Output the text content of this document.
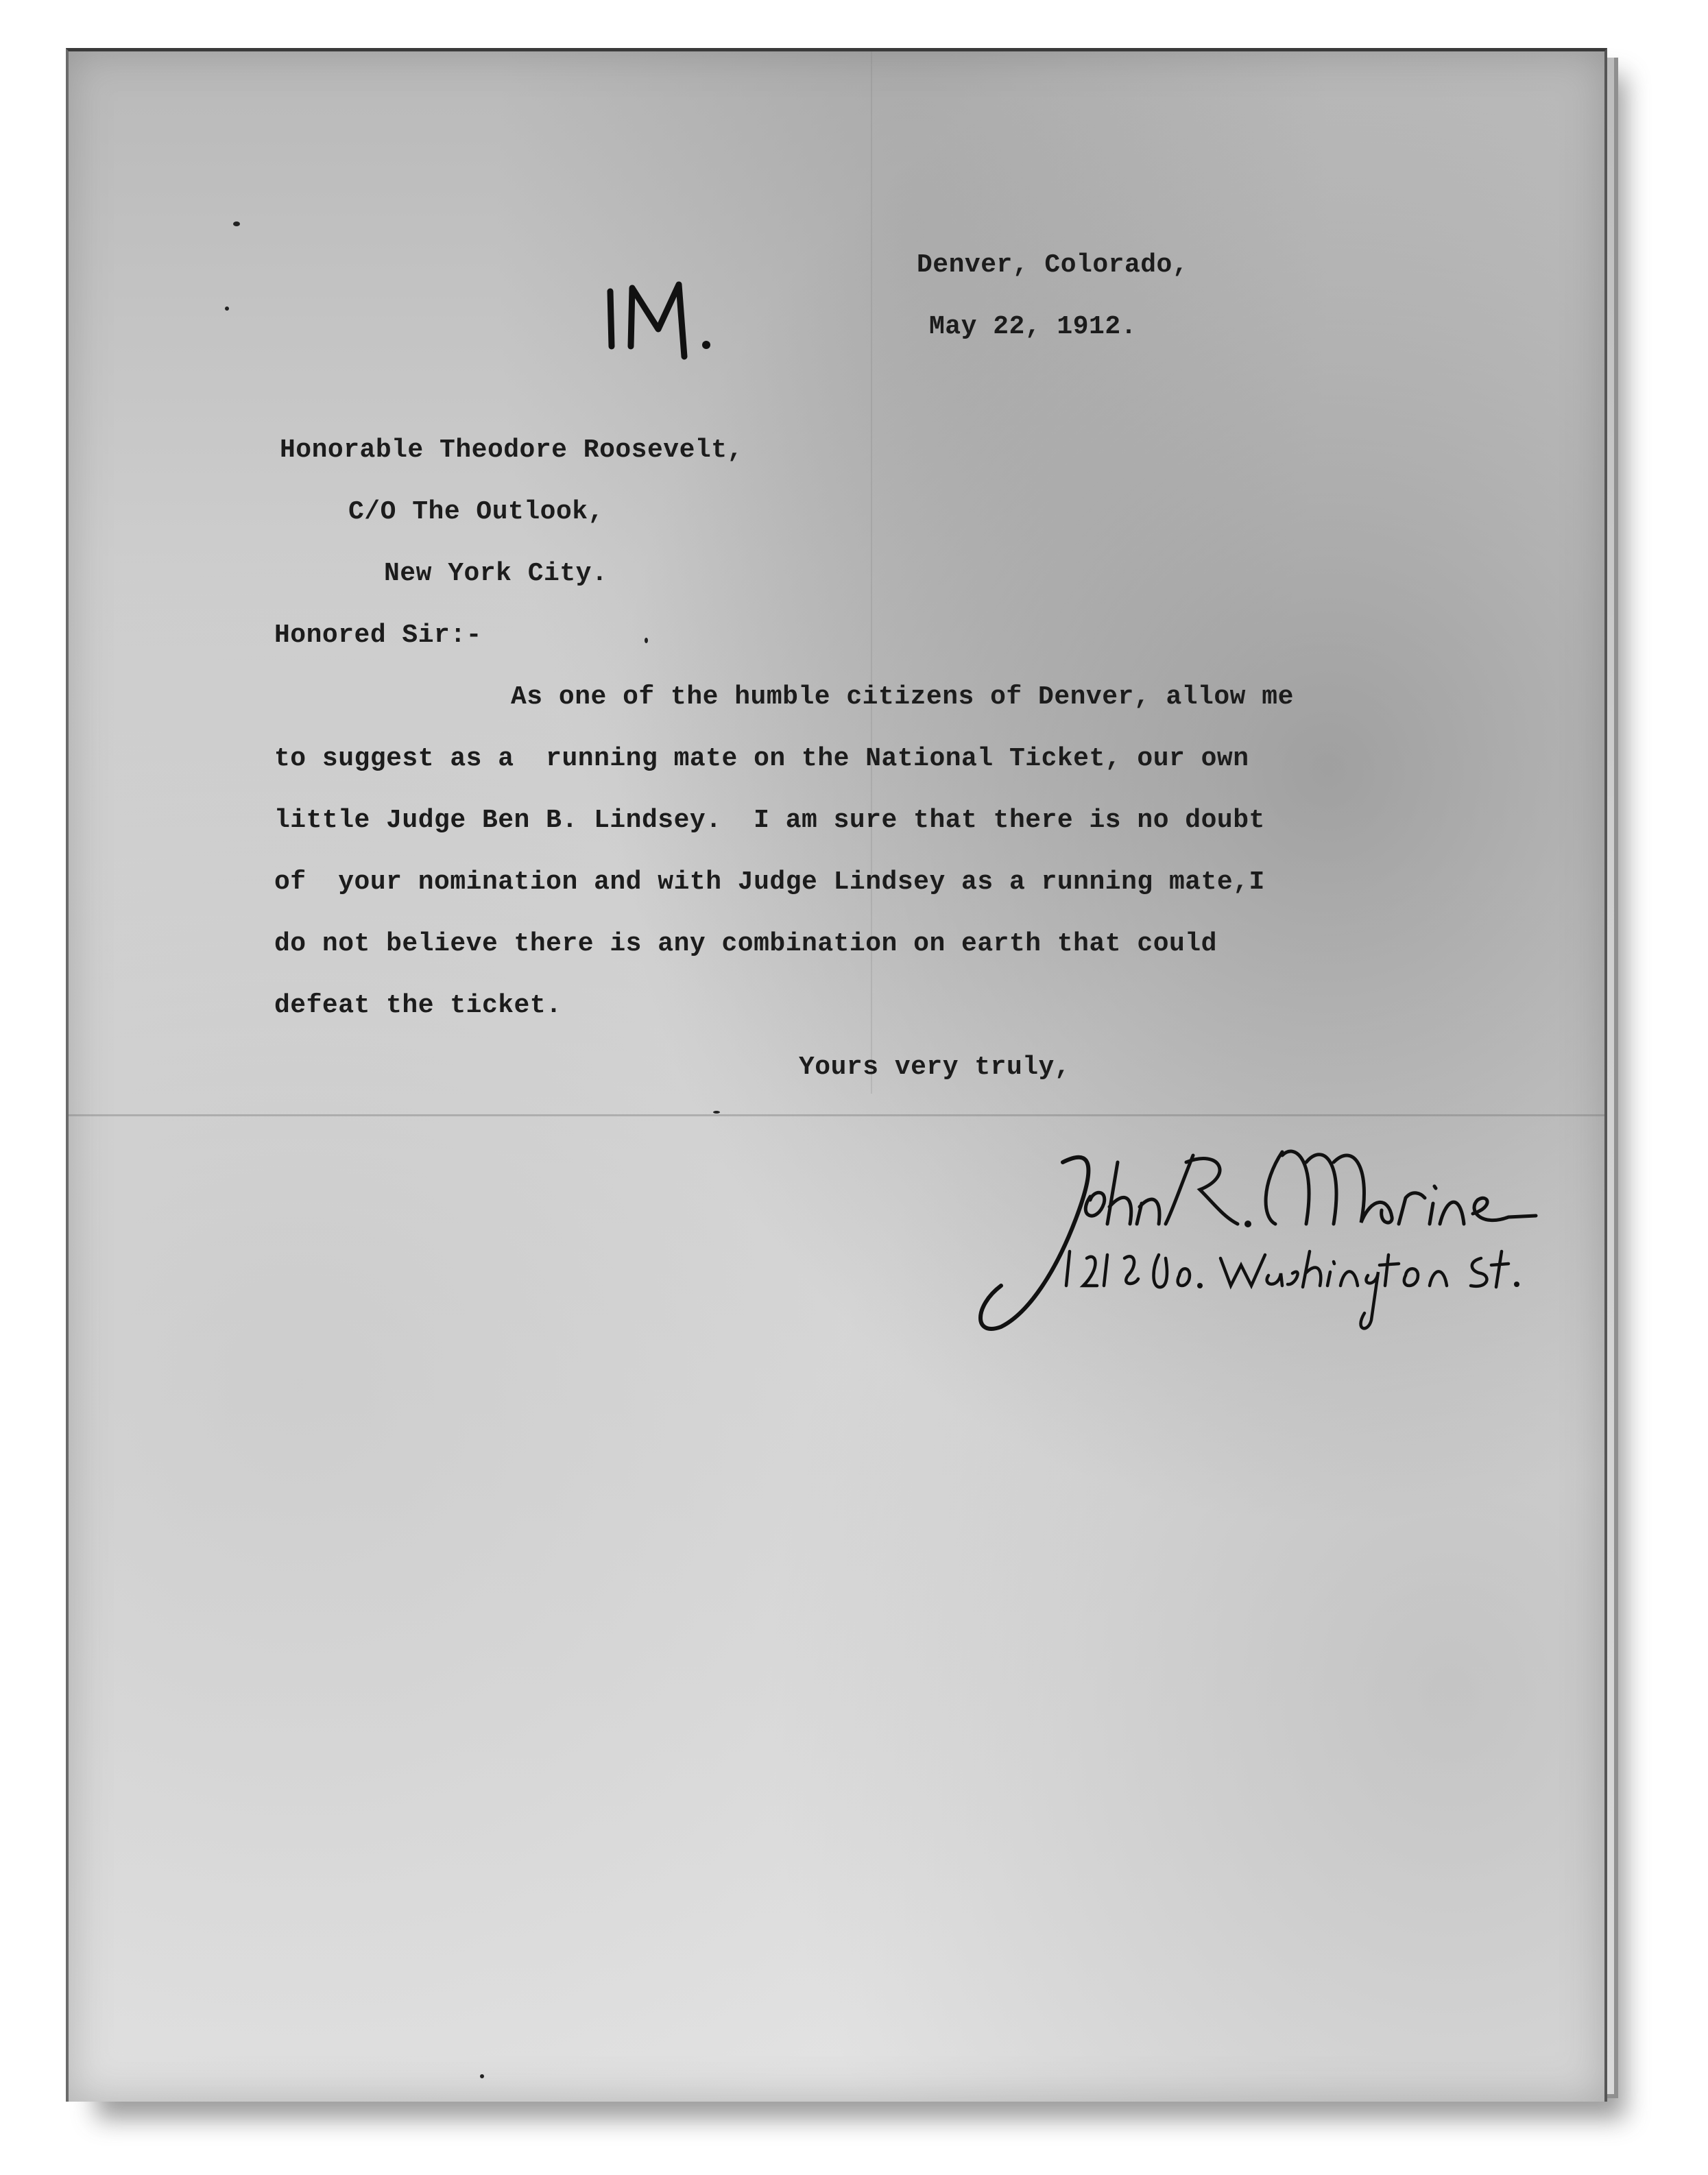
Denver, Colorado,

May 22, 1912.

Honorable Theodore Roosevelt,

C/O The Outlook,

New York City.

Honored Sir:-

As one of the humble citizens of Denver, allow me

to suggest as a  running mate on the National Ticket, our own

little Judge Ben B. Lindsey.  I am sure that there is no doubt

of  your nomination and with Judge Lindsey as a running mate,I

do not believe there is any combination on earth that could

defeat the ticket.

Yours very truly,
